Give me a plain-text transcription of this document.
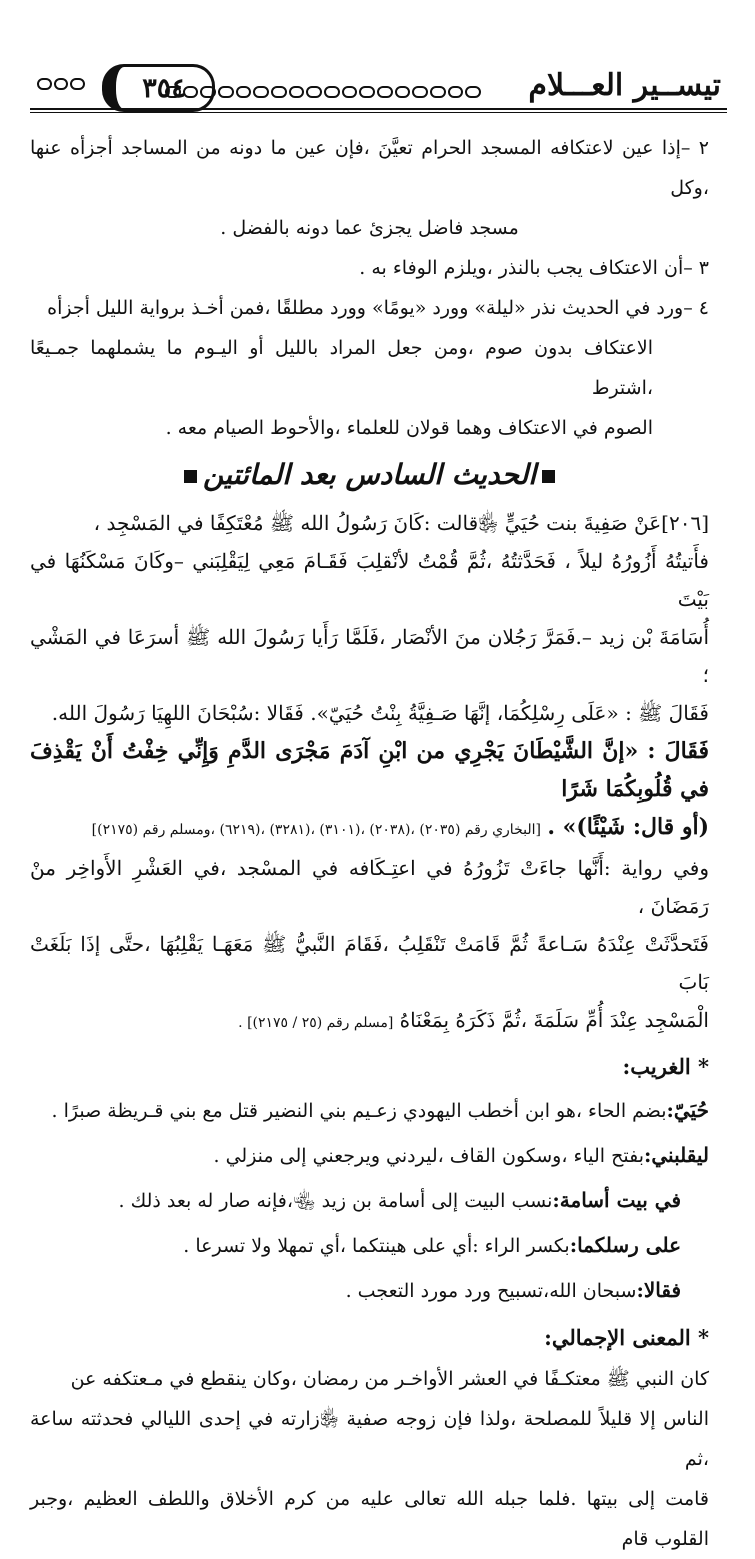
تيســير العـــلام
٣٥٤

٢ –إذا عين لاعتكافه المسجد الحرام تعيَّنَ ،فإن عين ما دونه من المساجد أجزأه عنها ،وكل

مسجد فاضل يجزئ عما دونه بالفضل .

٣ –أن الاعتكاف يجب بالنذر ،ويلزم الوفاء به .

٤ –ورد في الحديث نذر «ليلة» وورد «يومًا» وورد مطلقًا ،فمن أخـذ برواية الليل أجزأه

الاعتكاف بدون صوم ،ومن جعل المراد بالليل أو اليـوم ما يشملهما جمـيعًا ،اشترط

الصوم في الاعتكاف وهما قولان للعلماء ،والأحوط الصيام معه .

الحديث السادس بعد المائتين

[٢٠٦]عَنْ صَفِيةَ بنت حُيَيٍّ ﵂قالت :كَانَ رَسُولُ الله ﷺ مُعْتَكِفًا في المَسْجِد ،

فأَتيتُهُ أَزُورُهُ ليلاً ، فَحَدَّثتُهُ ،ثُمَّ قُمْتُ لأنْقلِبَ فَقَـامَ مَعِي لِيَقْلِبَني –وكَانَ مَسْكَنُهَا في بَيْتَ

أُسَامَةَ بْن زيد –.فَمَرَّ رَجُلان منَ الأنْصَار ،فَلَمَّا رَأَيا رَسُولَ الله ﷺ أسرَعَا في المَشْي ؛

فَقَالَ ﷺ : «عَلَى رِسْلِكُمَا، إنَّهَا صَـفِيَّةُ بِنْتُ حُيَيّ». فَقَالا :سُبْحَانَ اللهِيَا رَسُولَ الله.

فَقَالَ : «إنَّ الشَّيْطَانَ يَجْرِي من ابْنِ آدَمَ مَجْرَى الدَّمِ وَإِنِّي خِفْتُ أَنْ يَقْذِفَ في قُلُوبِكُمَا شَرًا

(أو قال: شَيْئًا)» . [البخاري رقم (٢٠٣٥) ،(٢٠٣٨) ،(٣١٠١) ،(٣٢٨١) ،(٦٢١٩) ،ومسلم رقم (٢١٧٥)]

وفي رواية :أَنَّها جاءَتْ تَزُورُهُ في اعتِـكَافه في المسْجد ،في العَشْرِ الأَواخِر منْ رَمَضَانَ ،

فَتَحدَّثَتْ عِنْدَهُ سَـاعةً ثُمَّ قَامَتْ تَنْقَلِبُ ،فَقَامَ النَّبيُّ ﷺ مَعَهَـا يَقْلِبُهَا ،حتَّى إذَا بَلَغَتْ بَابَ

الْمَسْجِد عِنْدَ أُمِّ سَلَمَةَ ،ثُمَّ ذَكَرَهُ بِمَعْنَاهُ [مسلم رقم (٢٥ / ٢١٧٥)] .

* الغريب:

حُيَيّ:بضم الحاء ،هو ابن أخطب اليهودي زعـيم بني النضير قتل مع بني قـريظة صبرًا .

ليقلبني:بفتح الياء ،وسكون القاف ،ليردني ويرجعني إلى منزلي .

في بيت أسامة:نسب البيت إلى أسامة بن زيد ﵄،فإنه صار له بعد ذلك .

على رسلكما:بكسر الراء :أي على هينتكما ،أي تمهلا ولا تسرعا .

فقالا:سبحان الله،تسبيح ورد مورد التعجب .

* المعنى الإجمالي:

كان النبي ﷺ معتكـفًا في العشر الأواخـر من رمضان ،وكان ينقطع في مـعتكفه عن

الناس إلا قليلاً للمصلحة ،ولذا فإن زوجه صفية ﵂زارته في إحدى الليالي فحدثته ساعة ،ثم

قامت إلى بيتها .فلما جبله الله تعالى عليه من كرم الأخلاق واللطف العظيم ،وجبر القلوب قام
